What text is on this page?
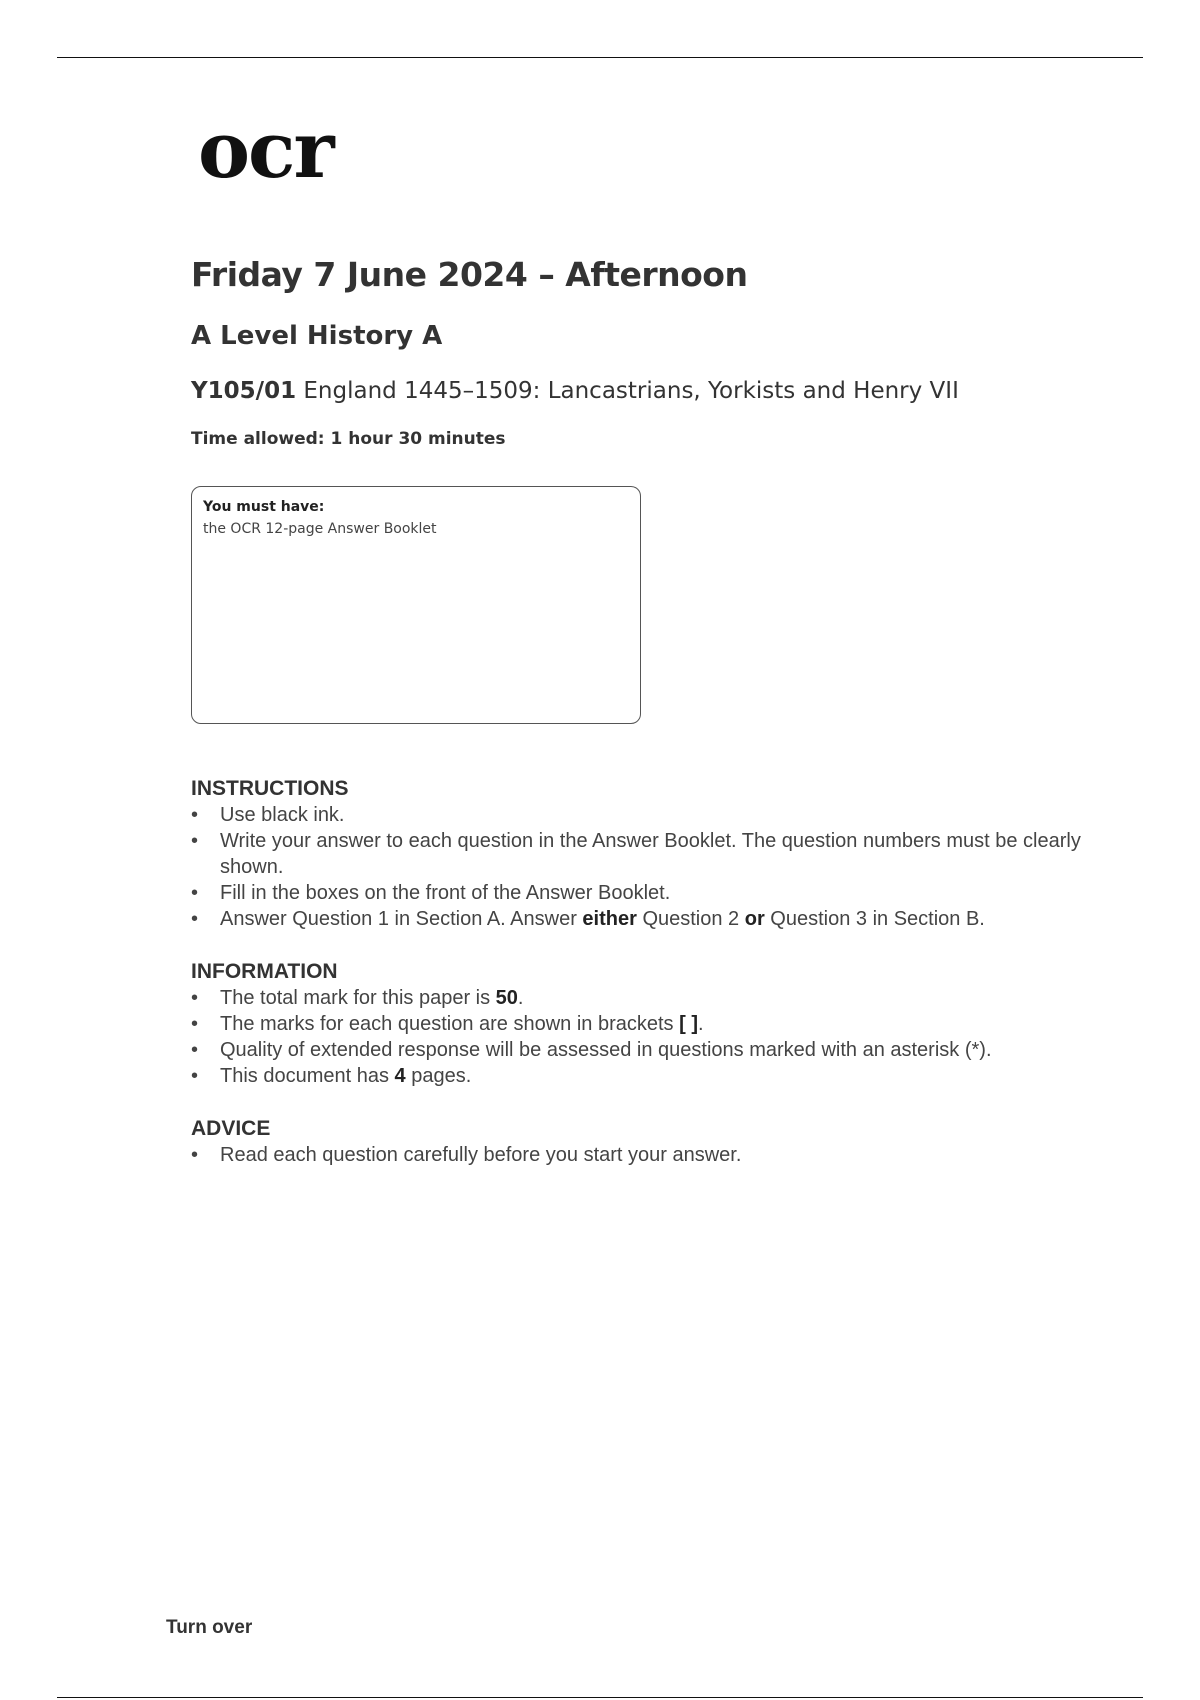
ocr
Friday 7 June 2024 – Afternoon
A Level History A
Y105/01 England 1445–1509: Lancastrians, Yorkists and Henry VII
Time allowed: 1 hour 30 minutes
You must have:
the OCR 12-page Answer Booklet
INSTRUCTIONS
• Use black ink.
• Write your answer to each question in the Answer Booklet. The question numbers must be clearly shown.
• Fill in the boxes on the front of the Answer Booklet.
• Answer Question 1 in Section A. Answer either Question 2 or Question 3 in Section B.
INFORMATION
• The total mark for this paper is 50.
• The marks for each question are shown in brackets [ ].
• Quality of extended response will be assessed in questions marked with an asterisk (*).
• This document has 4 pages.
ADVICE
• Read each question carefully before you start your answer.
Turn over
